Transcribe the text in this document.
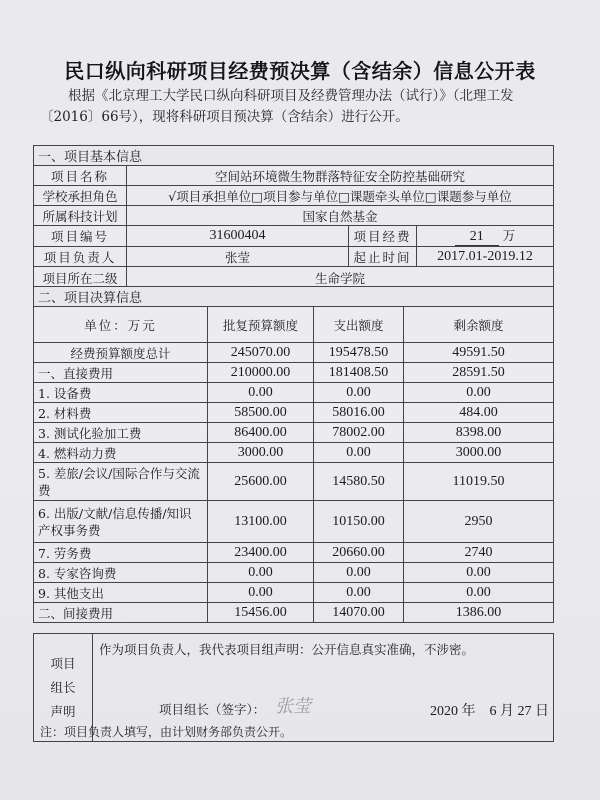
民口纵向科研项目经费预决算（含结余）信息公开表
根据《北京理工大学民口纵向科研项目及经费管理办法（试行）》（北理工发〔2016〕66号），现将科研项目预决算（含结余）进行公开。
一、项目基本信息			
项目名称	空间站环境微生物群落特征安全防控基础研究		
学校承担角色	√项目承担单位□项目参与单位□课题牵头单位□课题参与单位		
所属科技计划	国家自然基金		
项目编号	31600404	项目经费	21 万
项目负责人	张莹	起止时间	2017.01-2019.12
项目所在二级	生命学院		
二、项目决算信息			
单位：万元	批复预算额度	支出额度	剩余额度
经费预算额度总计	245070.00	195478.50	49591.50
一、直接费用	210000.00	181408.50	28591.50
1. 设备费	0.00	0.00	0.00
2. 材料费	58500.00	58016.00	484.00
3. 测试化验加工费	86400.00	78002.00	8398.00
4. 燃料动力费	3000.00	0.00	3000.00
5. 差旅/会议/国际合作与交流费	25600.00	14580.50	11019.50
6. 出版/文献/信息传播/知识产权事务费	13100.00	10150.00	2950
7. 劳务费	23400.00	20660.00	2740
8. 专家咨询费	0.00	0.00	0.00
9. 其他支出	0.00	0.00	0.00
二、间接费用	15456.00	14070.00	1386.00
项目
组长
声明

作为项目负责人，我代表项目组声明：公开信息真实准确，不涉密。
项目组长（签字）： 张莹	2020 年　6 月 27 日
注：项目负责人填写，由计划财务部负责公开。
